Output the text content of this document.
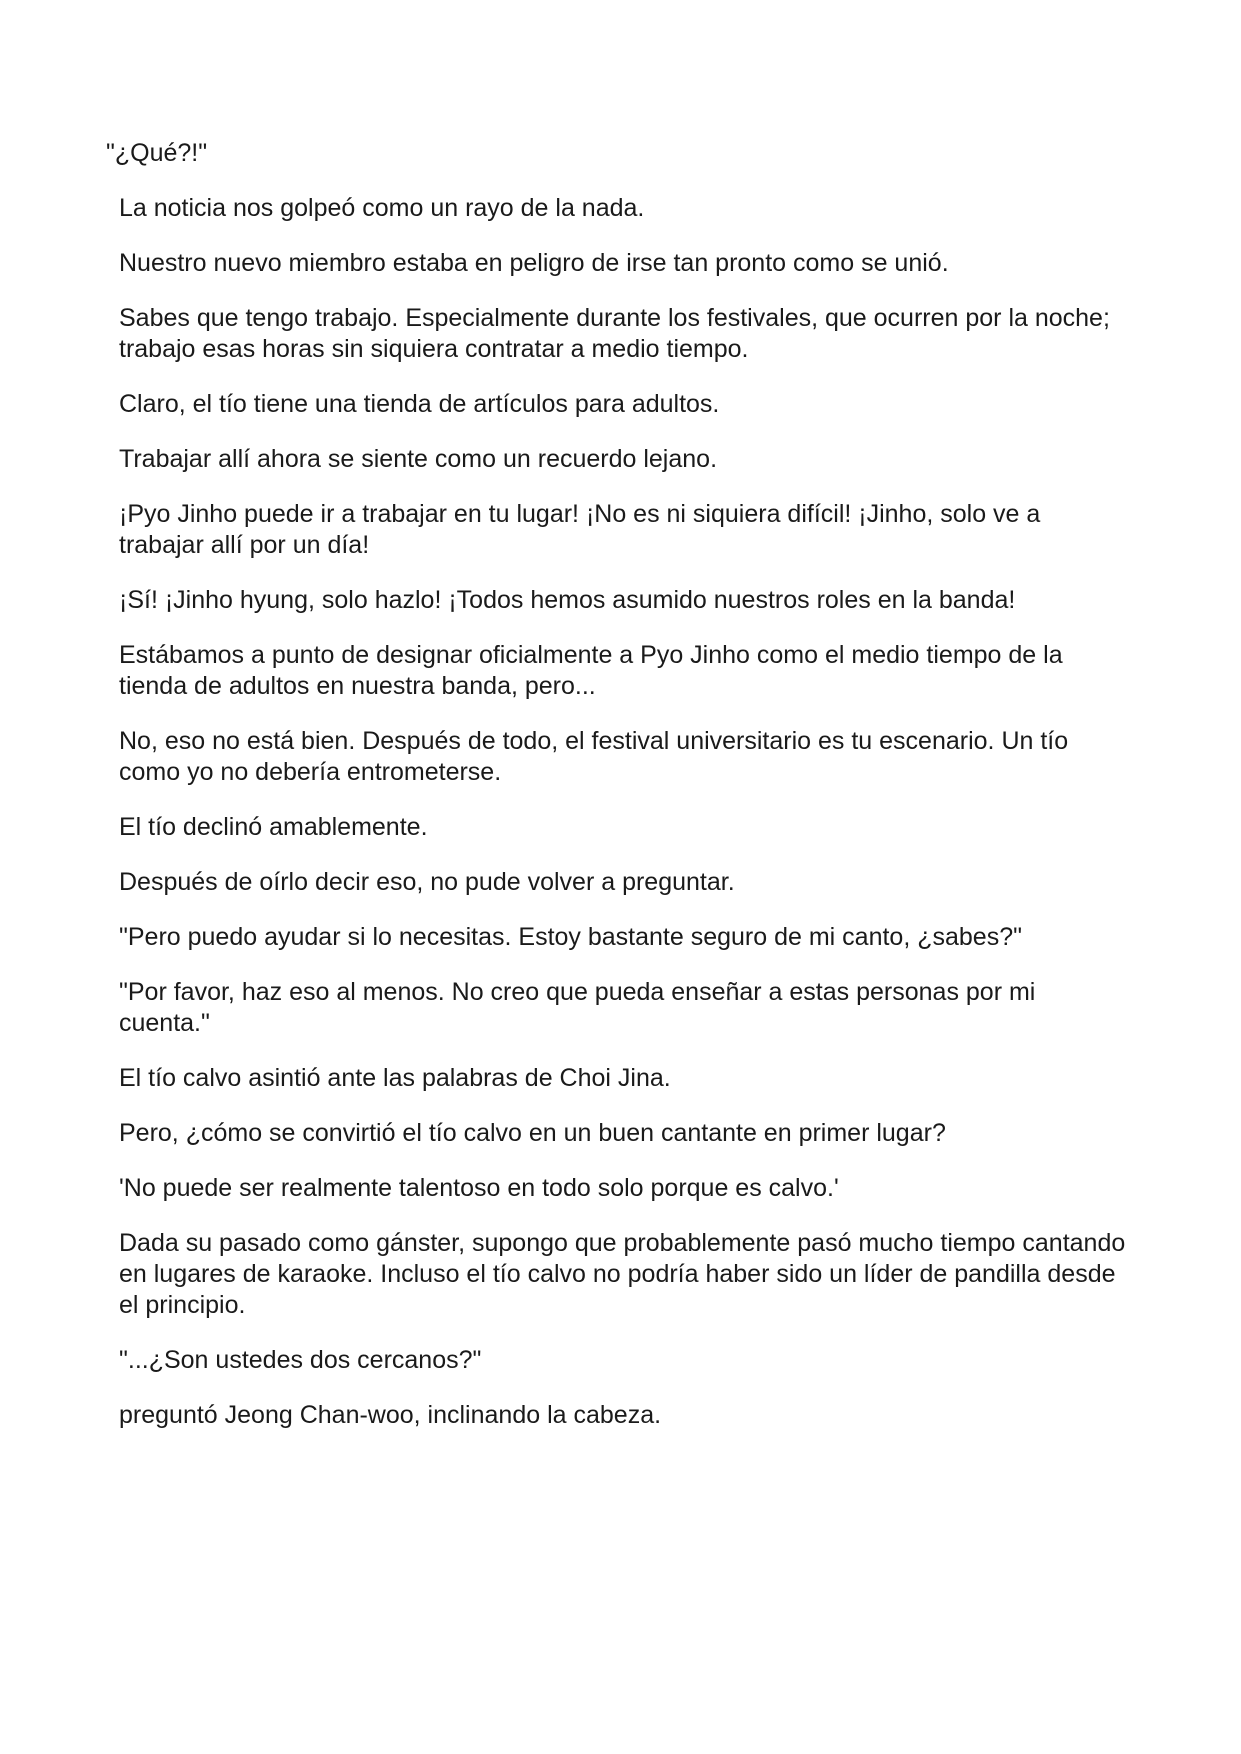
"¿Qué?!"

La noticia nos golpeó como un rayo de la nada.

Nuestro nuevo miembro estaba en peligro de irse tan pronto como se unió.

Sabes que tengo trabajo. Especialmente durante los festivales, que ocurren por la noche; trabajo esas horas sin siquiera contratar a medio tiempo.

Claro, el tío tiene una tienda de artículos para adultos.

Trabajar allí ahora se siente como un recuerdo lejano.

¡Pyo Jinho puede ir a trabajar en tu lugar! ¡No es ni siquiera difícil! ¡Jinho, solo ve a trabajar allí por un día!

¡Sí! ¡Jinho hyung, solo hazlo! ¡Todos hemos asumido nuestros roles en la banda!

Estábamos a punto de designar oficialmente a Pyo Jinho como el medio tiempo de la tienda de adultos en nuestra banda, pero...

No, eso no está bien. Después de todo, el festival universitario es tu escenario. Un tío como yo no debería entrometerse.

El tío declinó amablemente.

Después de oírlo decir eso, no pude volver a preguntar.

"Pero puedo ayudar si lo necesitas. Estoy bastante seguro de mi canto, ¿sabes?"

"Por favor, haz eso al menos. No creo que pueda enseñar a estas personas por mi cuenta."

El tío calvo asintió ante las palabras de Choi Jina.

Pero, ¿cómo se convirtió el tío calvo en un buen cantante en primer lugar?

'No puede ser realmente talentoso en todo solo porque es calvo.'

Dada su pasado como gánster, supongo que probablemente pasó mucho tiempo cantando en lugares de karaoke. Incluso el tío calvo no podría haber sido un líder de pandilla desde el principio.

"...¿Son ustedes dos cercanos?"

preguntó Jeong Chan-woo, inclinando la cabeza.
